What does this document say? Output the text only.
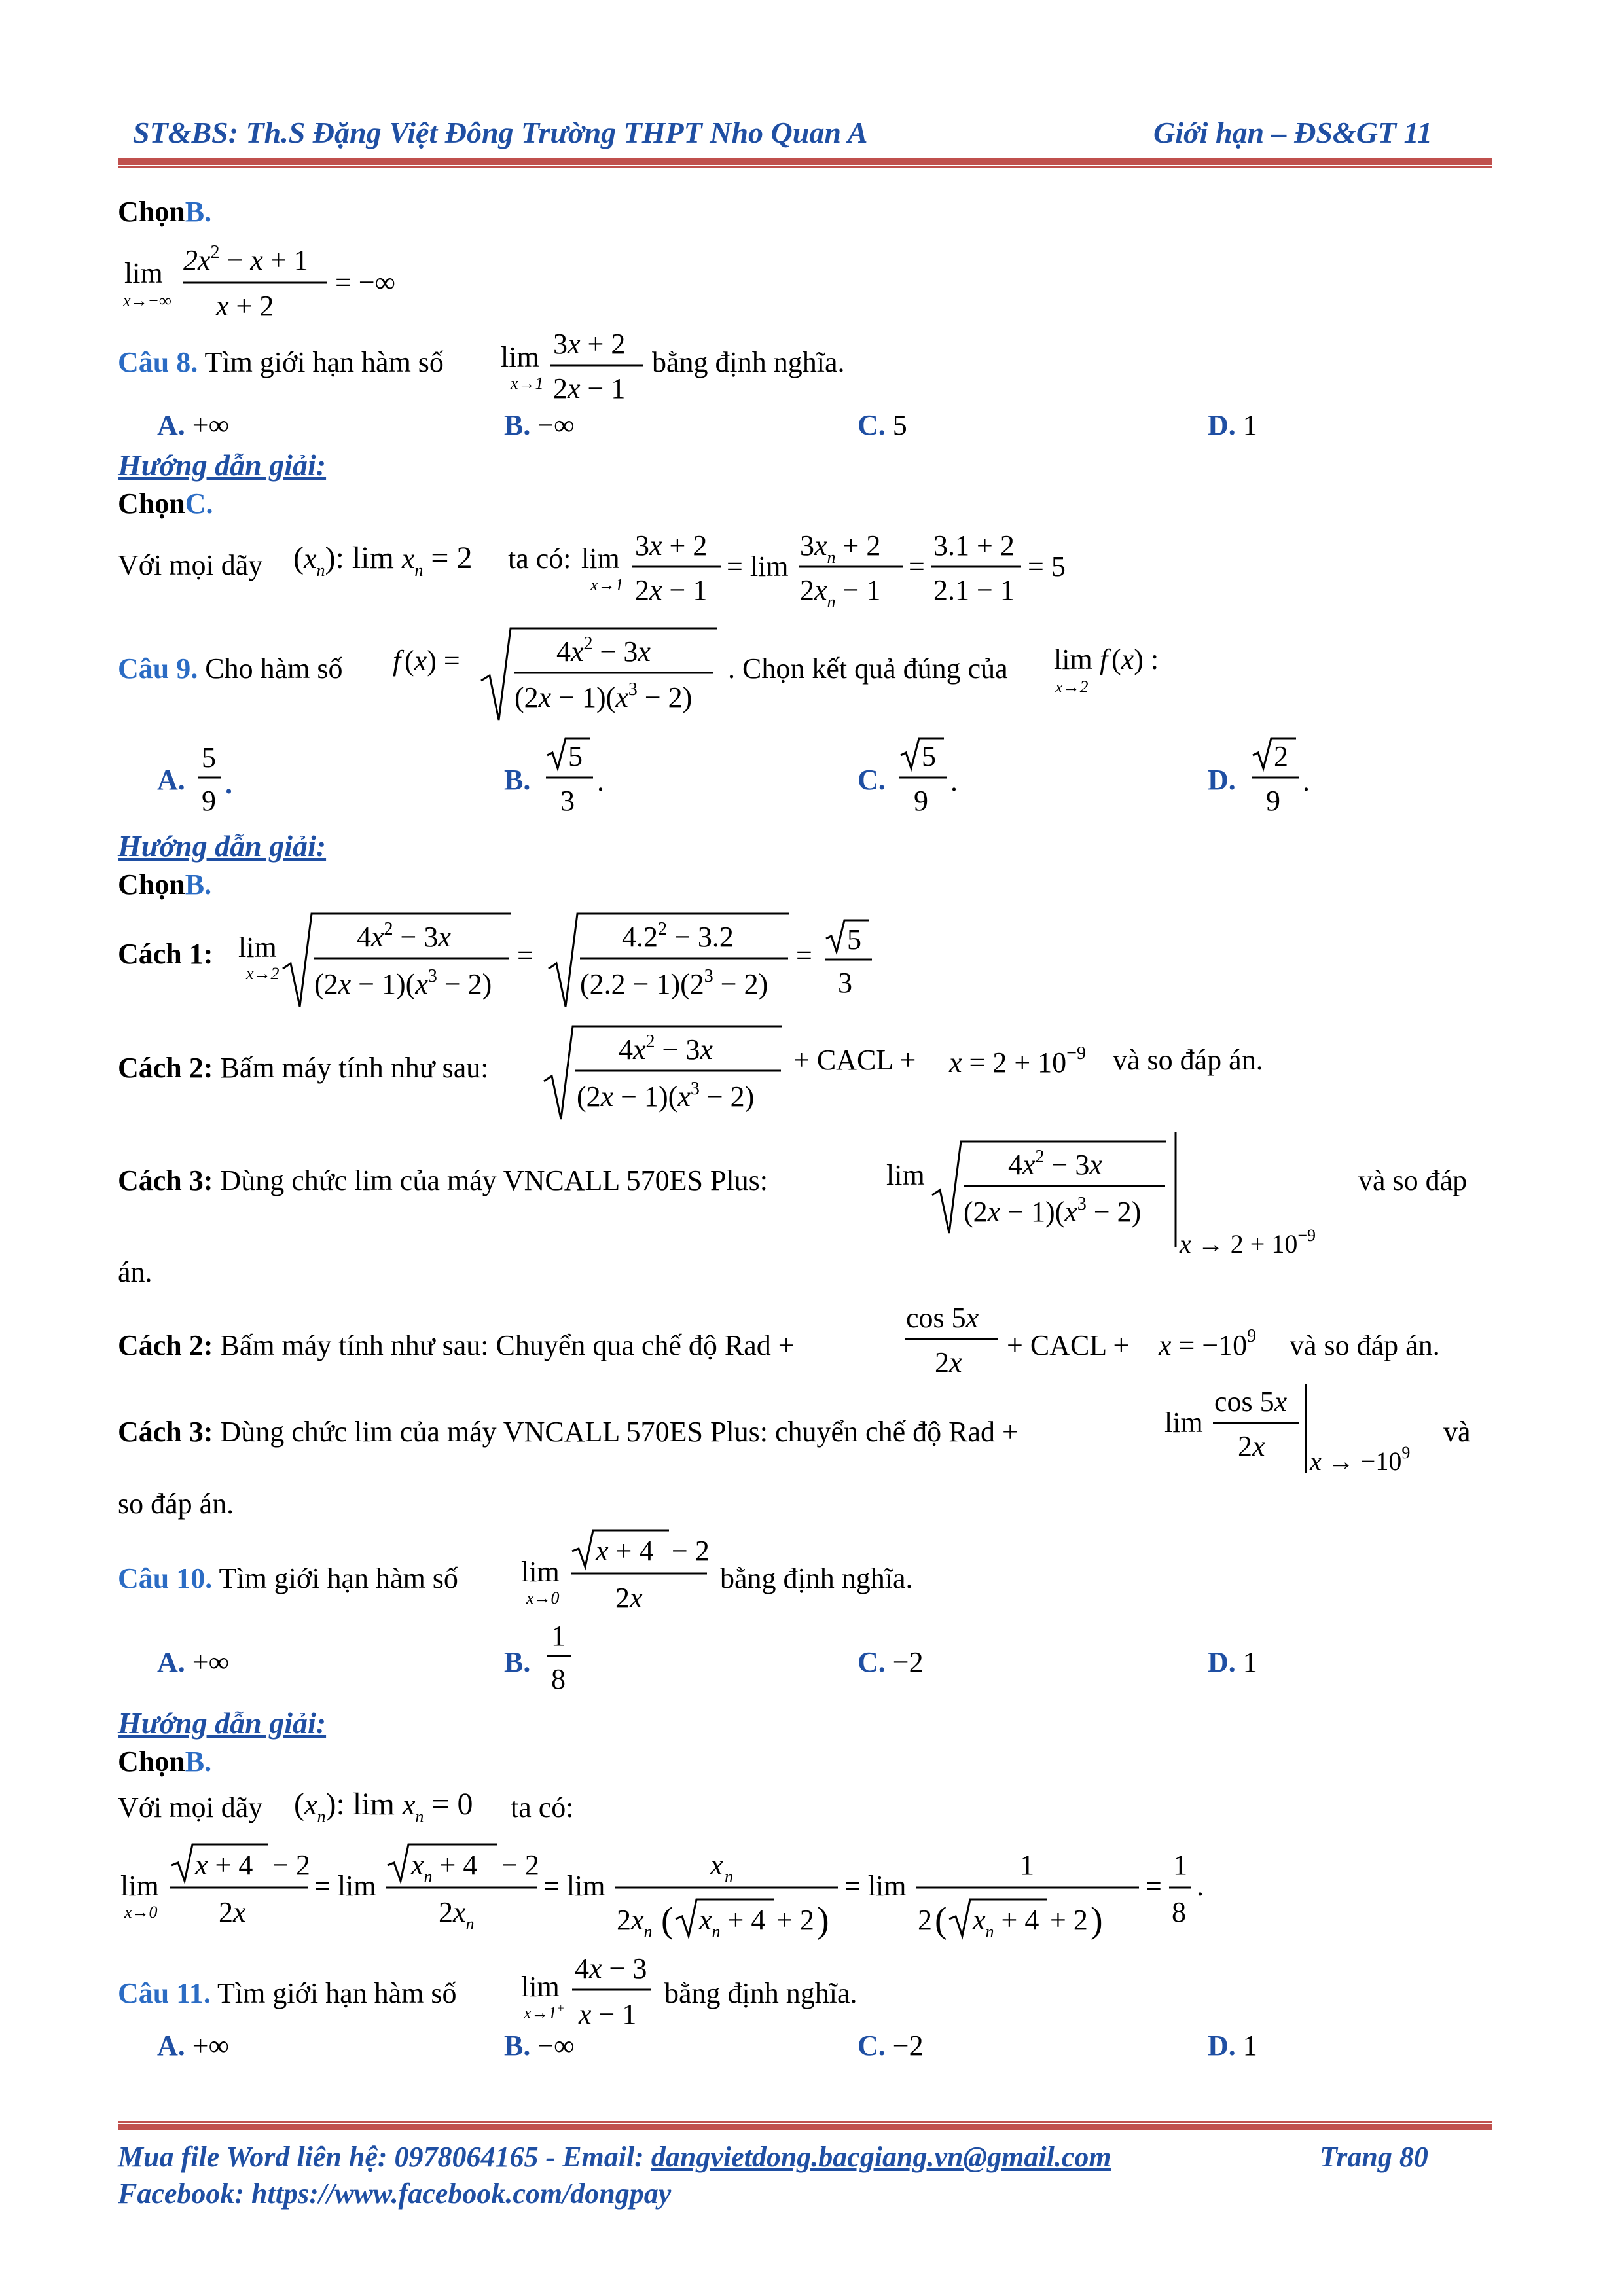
ST&BS: Th.S Đặng Việt Đông Trường THPT Nho Quan A	Giới hạn – ĐS&GT 11
ChọnB.
lim
x→−∞
$2x^2 - x + 1$
x + 2
= −∞
Câu 8. Tìm giới hạn hàm số lim
x→1
3x + 2
2x − 1
bằng định nghĩa.
A. +∞	B. −∞	C. 5	D. 1
Hướng dẫn giải:
ChọnC.
Với mọi dãy $(x_n)$: $\lim x_n = 2$ ta có: lim
x→1
3x + 2
2x − 1
= lim
$3x_n + 2$
$2x_n - 1$
=
3.1 + 2
2.1 − 1
= 5
Câu 9. Cho hàm số f (x) =	$4x^2 - 3x$
$(2x - 1)(x^3 - 2)$
. Chọn kết quả đúng của lim
x→2
f (x) :
A.
5
9
.	B.
5
3
.	C.
5
9
.	D.
2
9
.
Hướng dẫn giải:
ChọnB.
Cách 1: lim
x→2
$4x^2 - 3x$
$(2x - 1)(x^3 - 2)$
=
$4.2^2 - 3.2$
$(2.2 - 1)(2^3 - 2)$
= 5
3
Cách 2: Bấm máy tính như sau:
$4x^2 - 3x$
$(2x - 1)(x^3 - 2)$
+ CACL + $x = 2 + 10^{-9}$ và so đáp án.
Cách 3: Dùng chức lim của máy VNCALL 570ES Plus:	lim	$4x^2 - 3x$
$(2x - 1)(x^3 - 2)$
$x \to 2 + 10^{-9}$
và so đáp
án.
Cách 2: Bấm máy tính như sau: Chuyển qua chế độ Rad +
cos 5x
2x
+ CACL + $x = -10^9$ và so đáp án.
Cách 3: Dùng chức lim của máy VNCALL 570ES Plus: chuyển chế độ Rad +	lim
cos 5x
2x $x \to -10^9$
và
so đáp án.
Câu 10. Tìm giới hạn hàm số lim
x→0
x + 4 − 2
2x
bằng định nghĩa.
A. +∞	B.
1
8
C. −2	D. 1
Hướng dẫn giải:
ChọnB.
Với mọi dãy $(x_n)$: $\lim x_n = 0$ ta có:
lim
x→0
x + 4 − 2
2x
= lim
$x_n + 4 - 2$
$2x_n$
= lim
x n
$2x_n$ ( $x_n + 4 + 2$ )
= lim
1
2 ( $x_n + 4 + 2$ )
=
1
8
.
Câu 11. Tìm giới hạn hàm số lim
x→1+
4x − 3
x − 1
bằng định nghĩa.
A. +∞	B. −∞	C. −2	D. 1
Mua file Word liên hệ: 0978064165 - Email: dangvietdong.bacgiang.vn@gmail.com	Trang 80
Facebook: https://www.facebook.com/dongpay
